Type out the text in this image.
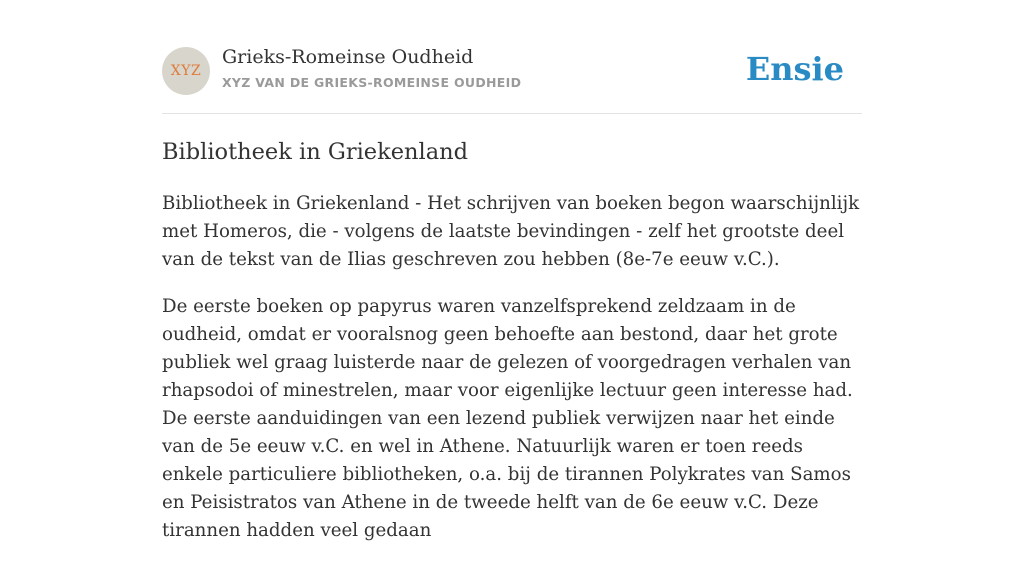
XYZ
Grieks-Romeinse Oudheid
XYZ VAN DE GRIEKS-ROMEINSE OUDHEID	Ensie
Bibliotheek in Griekenland

Bibliotheek in Griekenland - Het schrijven van boeken begon waarschijnlijk met Homeros, die - volgens de laatste bevindingen - zelf het grootste deel van de tekst van de Ilias geschreven zou hebben (8e-7e eeuw v.C.).

De eerste boeken op papyrus waren vanzelfsprekend zeldzaam in de oudheid, omdat er vooralsnog geen behoefte aan bestond, daar het grote publiek wel graag luisterde naar de gelezen of voorgedragen verhalen van rhapsodoi of minestrelen, maar voor eigenlijke lectuur geen interesse had. De eerste aanduidingen van een lezend publiek verwijzen naar het einde van de 5e eeuw v.C. en wel in Athene. Natuurlijk waren er toen reeds enkele particuliere bibliotheken, o.a. bij de tirannen Polykrates van Samos en Peisistratos van Athene in de tweede helft van de 6e eeuw v.C. Deze tirannen hadden veel gedaan
